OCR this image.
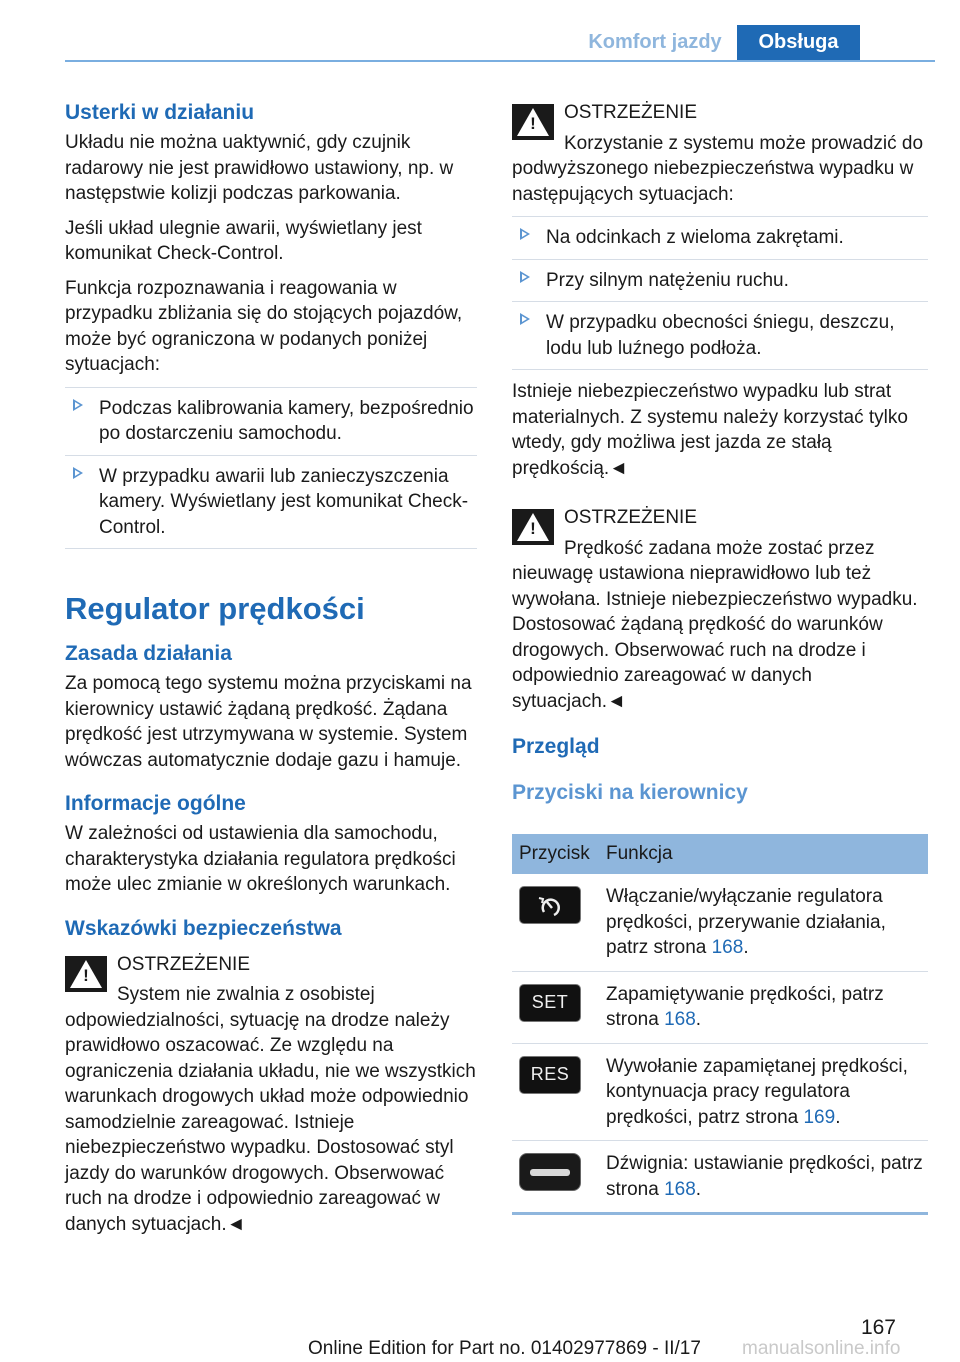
Komfort jazdy	Obsługa
Usterki w działaniu

Układu nie można uaktywnić, gdy czujnik radarowy nie jest prawidłowo ustawiony, np. w następstwie kolizji podczas parkowania.

Jeśli układ ulegnie awarii, wyświetlany jest komunikat Check-Control.

Funkcja rozpoznawania i reagowania w przypadku zbliżania się do stojących pojazdów, może być ograniczona w podanych poniżej sytuacjach:

Podczas kalibrowania kamery, bezpośrednio po dostarczeniu samochodu.
W przypadku awarii lub zanieczyszczenia kamery. Wyświetlany jest komunikat Check-Control.
Regulator prędkości
Zasada działania

Za pomocą tego systemu można przyciskami na kierownicy ustawić żądaną prędkość. Żądana prędkość jest utrzymywana w systemie. System wówczas automatycznie dodaje gazu i hamuje.

Informacje ogólne

W zależności od ustawienia dla samochodu, charakterystyka działania regulatora prędkości może ulec zmianie w określonych warunkach.

Wskazówki bezpieczeństwa
!
OSTRZEŻENIE
System nie zwalnia z osobistej odpowiedzialności, sytuację na drodze należy prawidłowo oszacować. Ze względu na ograniczenia działania układu, nie we wszystkich warunkach drogowych układ może odpowiednio samodzielnie zareagować. Istnieje niebezpieczeństwo wypadku. Dostosować styl jazdy do warunków drogowych. Obserwować ruch na drodze i odpowiednio zareagować w danych sytuacjach.◄
!
OSTRZEŻENIE
Korzystanie z systemu może prowadzić do podwyższonego niebezpieczeństwa wypadku w następujących sytuacjach:
Na odcinkach z wieloma zakrętami.
Przy silnym natężeniu ruchu.
W przypadku obecności śniegu, deszczu, lodu lub luźnego podłoża.

Istnieje niebezpieczeństwo wypadku lub strat materialnych. Z systemu należy korzystać tylko wtedy, gdy możliwa jest jazda ze stałą prędkością.◄

!
OSTRZEŻENIE
Prędkość zadana może zostać przez nieuwagę ustawiona nieprawidłowo lub też wywołana. Istnieje niebezpieczeństwo wypadku. Dostosować żądaną prędkość do warunków drogowych. Obserwować ruch na drodze i odpowiednio zareagować w danych sytuacjach.◄
Przegląd
Przyciski na kierownicy
Przycisk	Funkcja

	Włączanie/wyłączanie regulatora prędkości, przerywanie działania, patrz strona 168.

SET	Zapamiętywanie prędkości, patrz strona 168.

RES	Wywołanie zapamiętanej prędkości, kontynuacja pracy regulatora prędkości, patrz strona 169.

	Dźwignia: ustawianie prędkości, patrz strona 168.
167
Online Edition for Part no. 01402977869 - II/17 manualsonline.info
